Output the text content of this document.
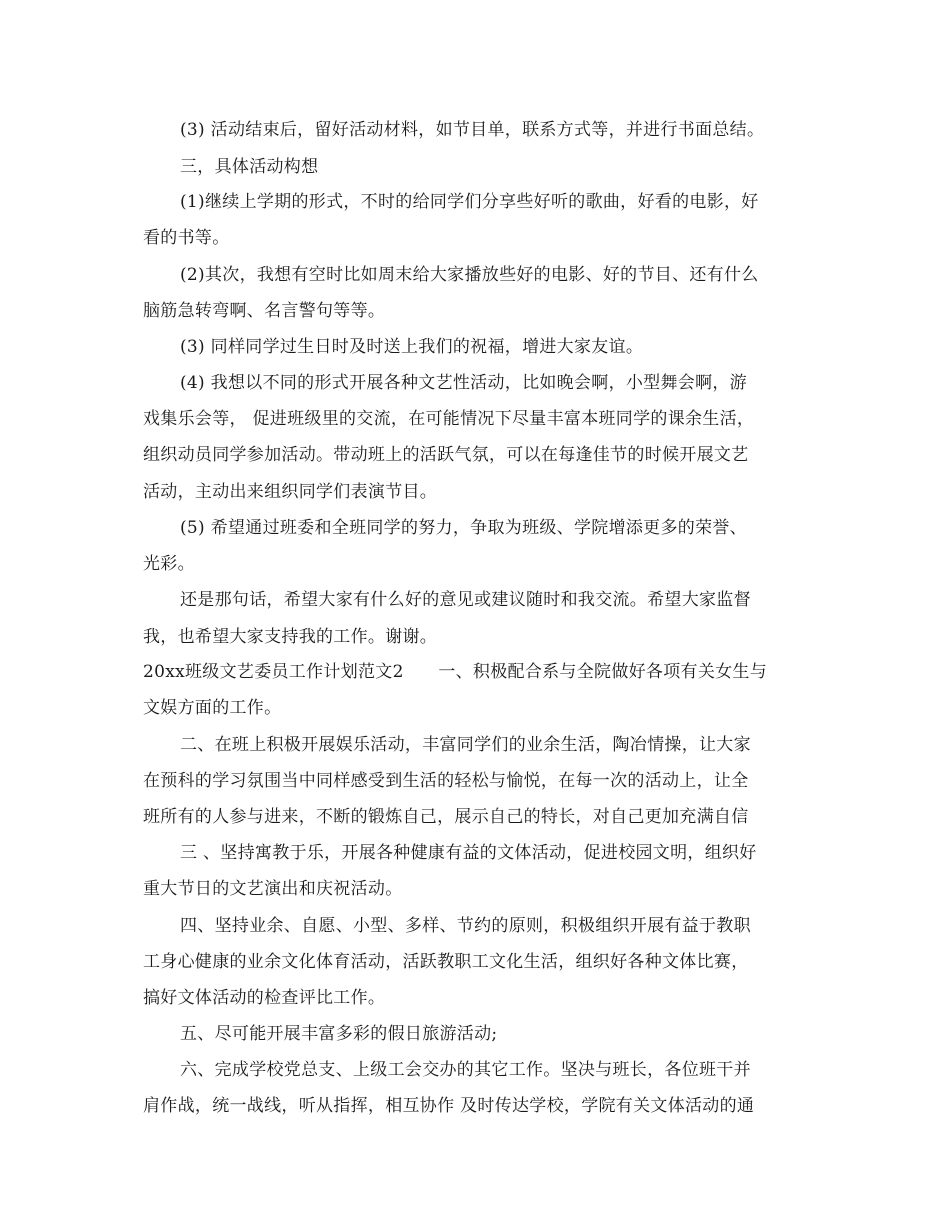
(3) 活动结束后，留好活动材料，如节目单，联系方式等，并进行书面总结。

三，具体活动构想

(1)继续上学期的形式，不时的给同学们分享些好听的歌曲，好看的电影，好

看的书等。

(2)其次，我想有空时比如周末给大家播放些好的电影、好的节目、还有什么

脑筋急转弯啊、名言警句等等。

(3) 同样同学过生日时及时送上我们的祝福，增进大家友谊。

(4) 我想以不同的形式开展各种文艺性活动，比如晚会啊，小型舞会啊，游

戏集乐会等， 促进班级里的交流，在可能情况下尽量丰富本班同学的课余生活，

组织动员同学参加活动。带动班上的活跃气氛，可以在每逢佳节的时候开展文艺

活动，主动出来组织同学们表演节目。

(5) 希望通过班委和全班同学的努力，争取为班级、学院增添更多的荣誉、

光彩。

还是那句话，希望大家有什么好的意见或建议随时和我交流。希望大家监督

我，也希望大家支持我的工作。谢谢。

20xx班级文艺委员工作计划范文2　　一、积极配合系与全院做好各项有关女生与

文娱方面的工作。

二、在班上积极开展娱乐活动，丰富同学们的业余生活，陶冶情操，让大家

在预科的学习氛围当中同样感受到生活的轻松与愉悦，在每一次的活动上，让全

班所有的人参与进来，不断的锻炼自己，展示自己的特长，对自己更加充满自信

三 、坚持寓教于乐，开展各种健康有益的文体活动，促进校园文明，组织好

重大节日的文艺演出和庆祝活动。

四、坚持业余、自愿、小型、多样、节约的原则，积极组织开展有益于教职

工身心健康的业余文化体育活动，活跃教职工文化生活，组织好各种文体比赛，

搞好文体活动的检查评比工作。

五、尽可能开展丰富多彩的假日旅游活动;

六、完成学校党总支、上级工会交办的其它工作。坚决与班长，各位班干并

肩作战，统一战线，听从指挥，相互协作 及时传达学校，学院有关文体活动的通
